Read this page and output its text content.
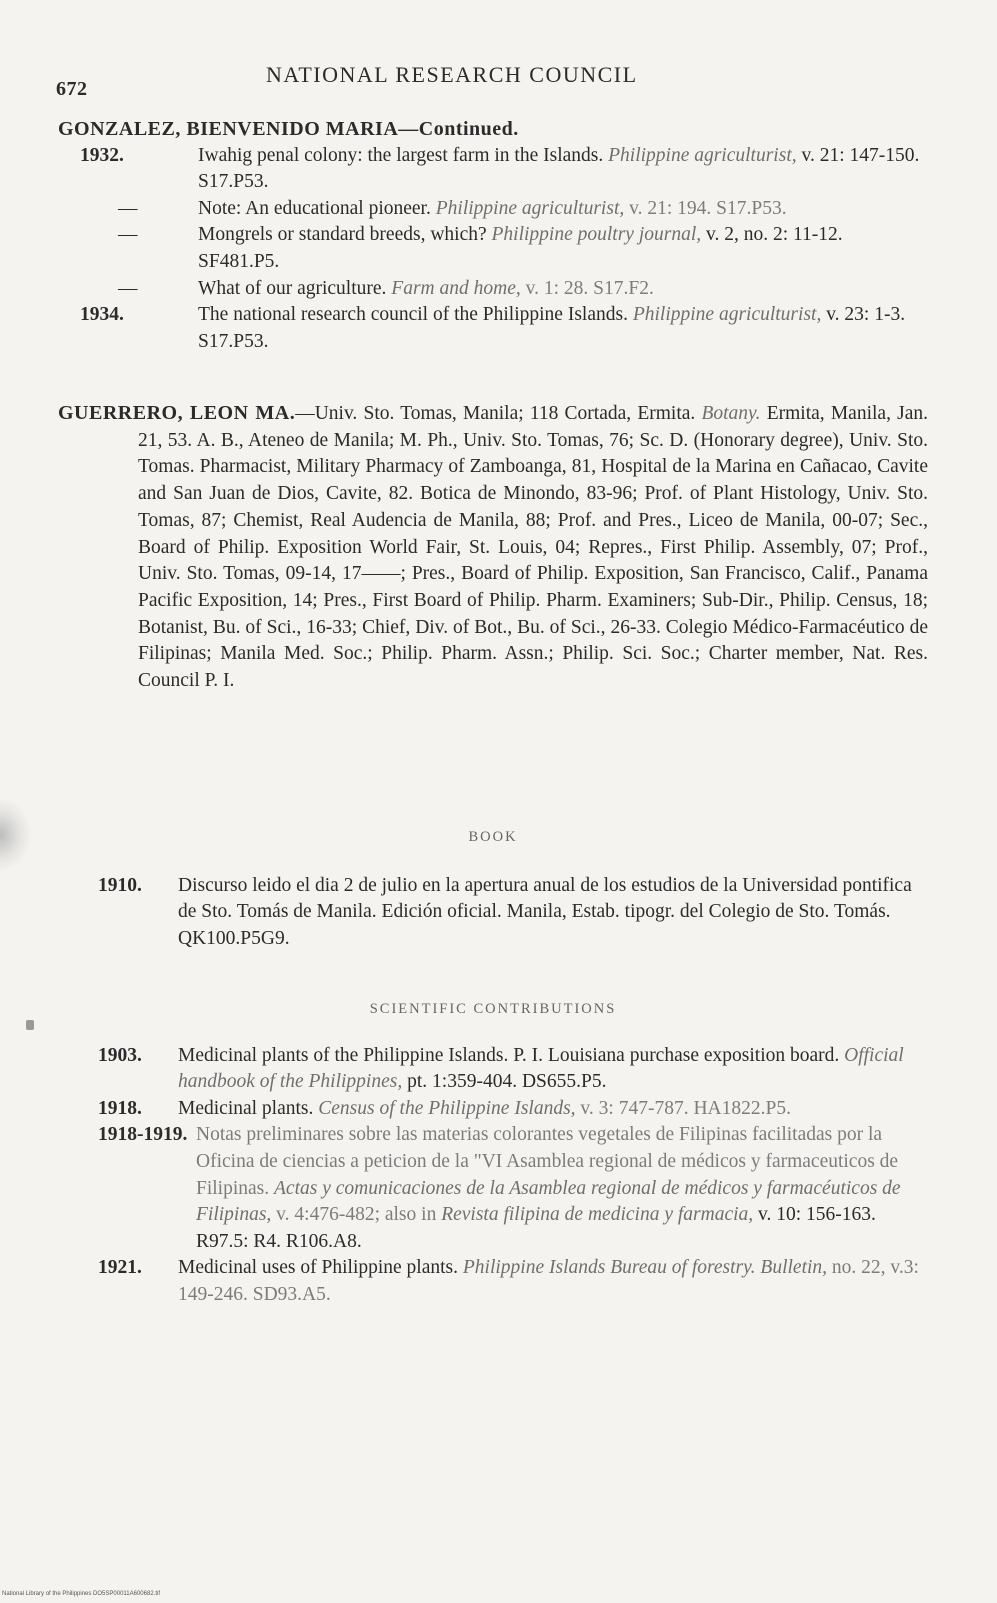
672
NATIONAL RESEARCH COUNCIL

GONZALEZ, BIENVENIDO MARIA—Continued.

1932.	Iwahig penal colony: the largest farm in the Islands. Philippine agriculturist, v. 21: 147-150. S17.P53.

—Note: An educational pioneer. Philippine agriculturist, v. 21: 194. S17.P53.

—Mongrels or standard breeds, which? Philippine poultry journal, v. 2, no. 2: 11-12. SF481.P5.

—What of our agriculture. Farm and home, v. 1: 28. S17.F2.

1934.	The national research council of the Philippine Islands. Philippine agriculturist, v. 23: 1-3. S17.P53.

GUERRERO, LEON MA.—Univ. Sto. Tomas, Manila; 118 Cortada, Ermita. Botany. Ermita, Manila, Jan. 21, 53. A. B., Ateneo de Manila; M. Ph., Univ. Sto. Tomas, 76; Sc. D. (Honorary degree), Univ. Sto. Tomas. Pharmacist, Military Pharmacy of Zamboanga, 81, Hospital de la Marina en Cañacao, Cavite and San Juan de Dios, Cavite, 82. Botica de Minondo, 83-96; Prof. of Plant Histology, Univ. Sto. Tomas, 87; Chemist, Real Audencia de Manila, 88; Prof. and Pres., Liceo de Manila, 00-07; Sec., Board of Philip. Exposition World Fair, St. Louis, 04; Repres., First Philip. Assembly, 07; Prof., Univ. Sto. Tomas, 09-14, 17——; Pres., Board of Philip. Exposition, San Francisco, Calif., Panama Pacific Exposition, 14; Pres., First Board of Philip. Pharm. Examiners; Sub-Dir., Philip. Census, 18; Botanist, Bu. of Sci., 16-33; Chief, Div. of Bot., Bu. of Sci., 26-33. Colegio Médico-Farmacéutico de Filipinas; Manila Med. Soc.; Philip. Pharm. Assn.; Philip. Sci. Soc.; Charter member, Nat. Res. Council P. I.

BOOK

1910. Discurso leido el dia 2 de julio en la apertura anual de los estudios de la Universidad pontifica de Sto. Tomás de Manila. Edición oficial. Manila, Estab. tipogr. del Colegio de Sto. Tomás. QK100.P5G9.

SCIENTIFIC CONTRIBUTIONS

1903. Medicinal plants of the Philippine Islands. P. I. Louisiana purchase exposition board. Official handbook of the Philippines, pt. 1:359-404. DS655.P5.

1918. Medicinal plants. Census of the Philippine Islands, v. 3: 747-787. HA1822.P5.

1918-1919. Notas preliminares sobre las materias colorantes vegetales de Filipinas facilitadas por la Oficina de ciencias a peticion de la "VI Asamblea regional de médicos y farmaceuticos de Filipinas. Actas y comunicaciones de la Asamblea regional de médicos y farmacéuticos de Filipinas, v. 4:476-482; also in Revista filipina de medicina y farmacia, v. 10: 156-163. R97.5: R4. R106.A8.

1921. Medicinal uses of Philippine plants. Philippine Islands Bureau of forestry. Bulletin, no. 22, v.3: 149-246. SD93.A5.

National Library of the Philippines DO5SP00011A600682.tif
